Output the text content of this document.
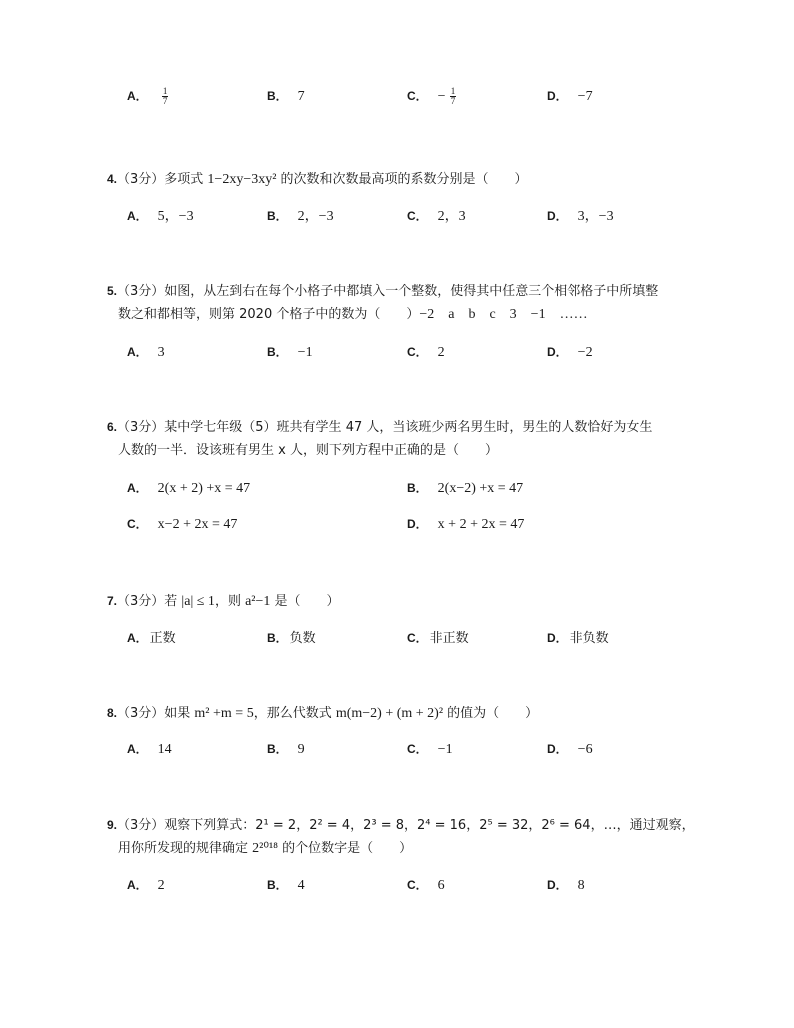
A． $\frac{1}{7}$	B． 7	C． − $\frac{1}{7}$	D． −7
4.（3分）多项式 1−2xy−3xy² 的次数和次数最高项的系数分别是（　　）
A． 5，−3	B． 2，−3	C． 2，3	D． 3，−3
5.（3分）如图，从左到右在每个小格子中都填入一个整数，使得其中任意三个相邻格子中所填整
数之和都相等，则第 2020 个格子中的数为（　　）−2　a　b　c　3　−1　……
A． 3	B． −1	C． 2	D． −2
6.（3分）某中学七年级（5）班共有学生 47 人，当该班少两名男生时，男生的人数恰好为女生
人数的一半．设该班有男生 x 人，则下列方程中正确的是（　　）
A． 2(x + 2) +x = 47	B． 2(x−2) +x = 47
C． x−2 + 2x = 47	D． x + 2 + 2x = 47
7.（3分）若 |a| ≤ 1，则 a²−1 是（　　）
A． 正数	B． 负数	C． 非正数	D． 非负数
8.（3分）如果 m² +m = 5，那么代数式 m(m−2) + (m + 2)² 的值为（　　）
A． 14	B． 9	C． −1	D． −6
9.（3分）观察下列算式：2¹ = 2，2² = 4，2³ = 8，2⁴ = 16，2⁵ = 32，2⁶ = 64，…，通过观察，
用你所发现的规律确定 2²⁰¹⁸ 的个位数字是（　　）
A． 2	B． 4	C． 6	D． 8
